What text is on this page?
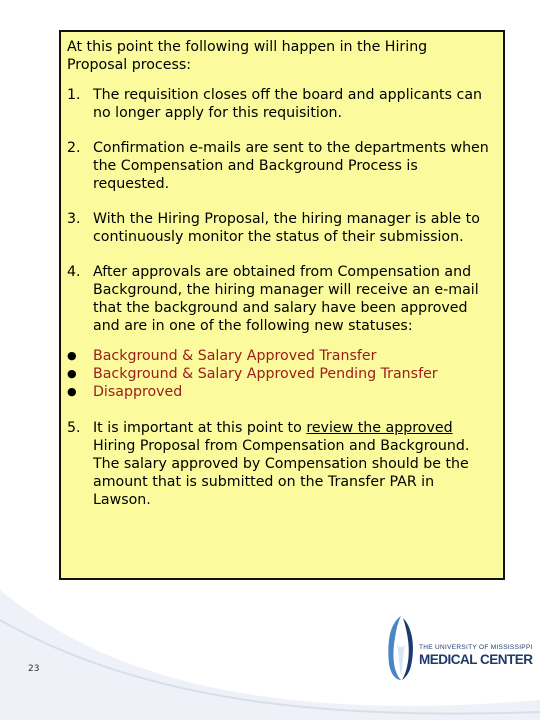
At this point the following will happen in the Hiring Proposal process:
1. The requisition closes off the board and applicants can no longer apply for this requisition.
2. Confirmation e-mails are sent to the departments when the Compensation and Background Process is requested.
3. With the Hiring Proposal, the hiring manager is able to continuously monitor the status of their submission.
4. After approvals are obtained from Compensation and Background, the hiring manager will receive an e-mail that the background and salary have been approved and are in one of the following new statuses:
●	Background & Salary Approved Transfer
●	Background & Salary Approved Pending Transfer
●	Disapproved
5. It is important at this point to review the approved Hiring Proposal from Compensation and Background. The salary approved by Compensation should be the amount that is submitted on the Transfer PAR in Lawson.
23
THE UNIVERSITY OF MISSISSIPPI
MEDICAL CENTER
